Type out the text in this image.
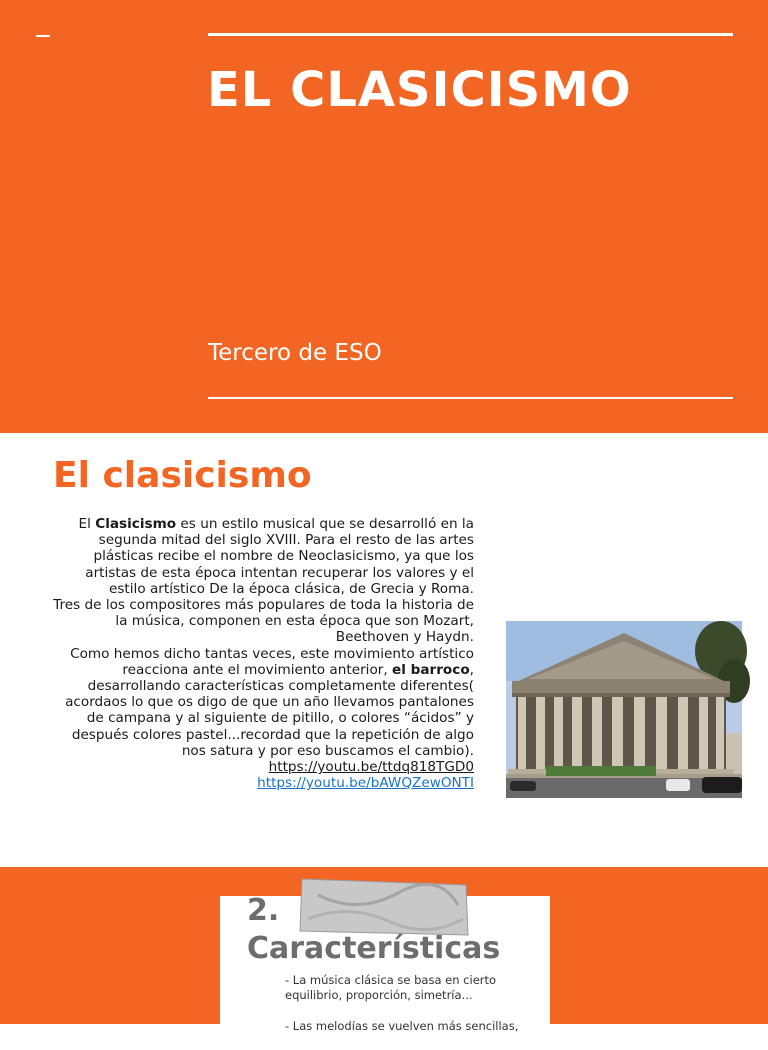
EL CLASICISMO
Tercero de ESO
El clasicismo

El Clasicismo es un estilo musical que se desarrolló en la segunda mitad del siglo XVIII. Para el resto de las artes plásticas recibe el nombre de Neoclasicismo, ya que los artistas de esta época intentan recuperar los valores y el estilo artístico De la época clásica, de Grecia y Roma.

Tres de los compositores más populares de toda la historia de la música, componen en esta época que son Mozart, Beethoven y Haydn.

Como hemos dicho tantas veces, este movimiento artístico reacciona ante el movimiento anterior, el barroco, desarrollando características completamente diferentes( acordaos lo que os digo de que un año llevamos pantalones de campana y al siguiente de pitillo, o colores “ácidos” y después colores pastel...recordad que la repetición de algo nos satura y por eso buscamos el cambio). https://youtu.be/ttdq818TGD0

https://youtu.be/bAWQZewONTI

2.
Características
- La música clásica se basa en cierto equilibrio, proporción, simetría...
- Las melodías se vuelven más sencillas,
